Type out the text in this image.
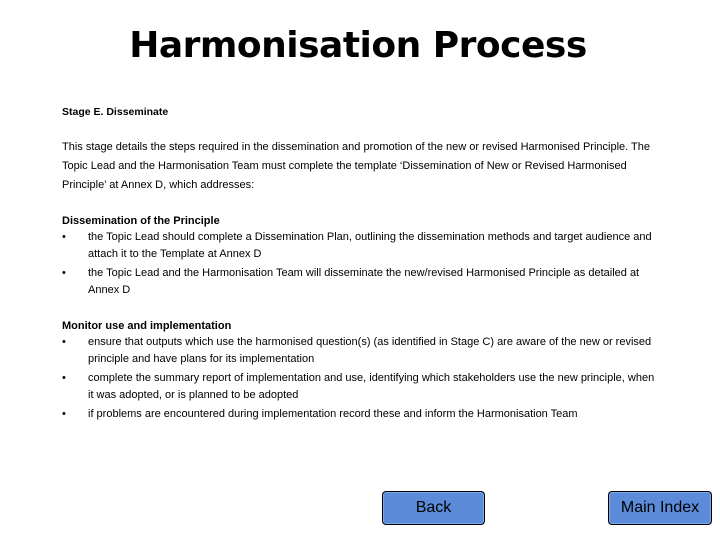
Harmonisation Process

Stage E. Disseminate

This stage details the steps required in the dissemination and promotion of the new or revised Harmonised Principle. The Topic Lead and the Harmonisation Team must complete the template ‘Dissemination of New or Revised Harmonised Principle’ at Annex D, which addresses:

Dissemination of the Principle
•	the Topic Lead should complete a Dissemination Plan, outlining the dissemination methods and target audience and attach it to the Template at Annex D
•	the Topic Lead and the Harmonisation Team will disseminate the new/revised Harmonised Principle as detailed at Annex D
Monitor use and implementation
•	ensure that outputs which use the harmonised question(s) (as identified in Stage C) are aware of the new or revised principle and have plans for its implementation
•	complete the summary report of implementation and use, identifying which stakeholders use the new principle, when it was adopted, or is planned to be adopted
•	if problems are encountered during implementation record these and inform the Harmonisation Team
Back	Main Index
